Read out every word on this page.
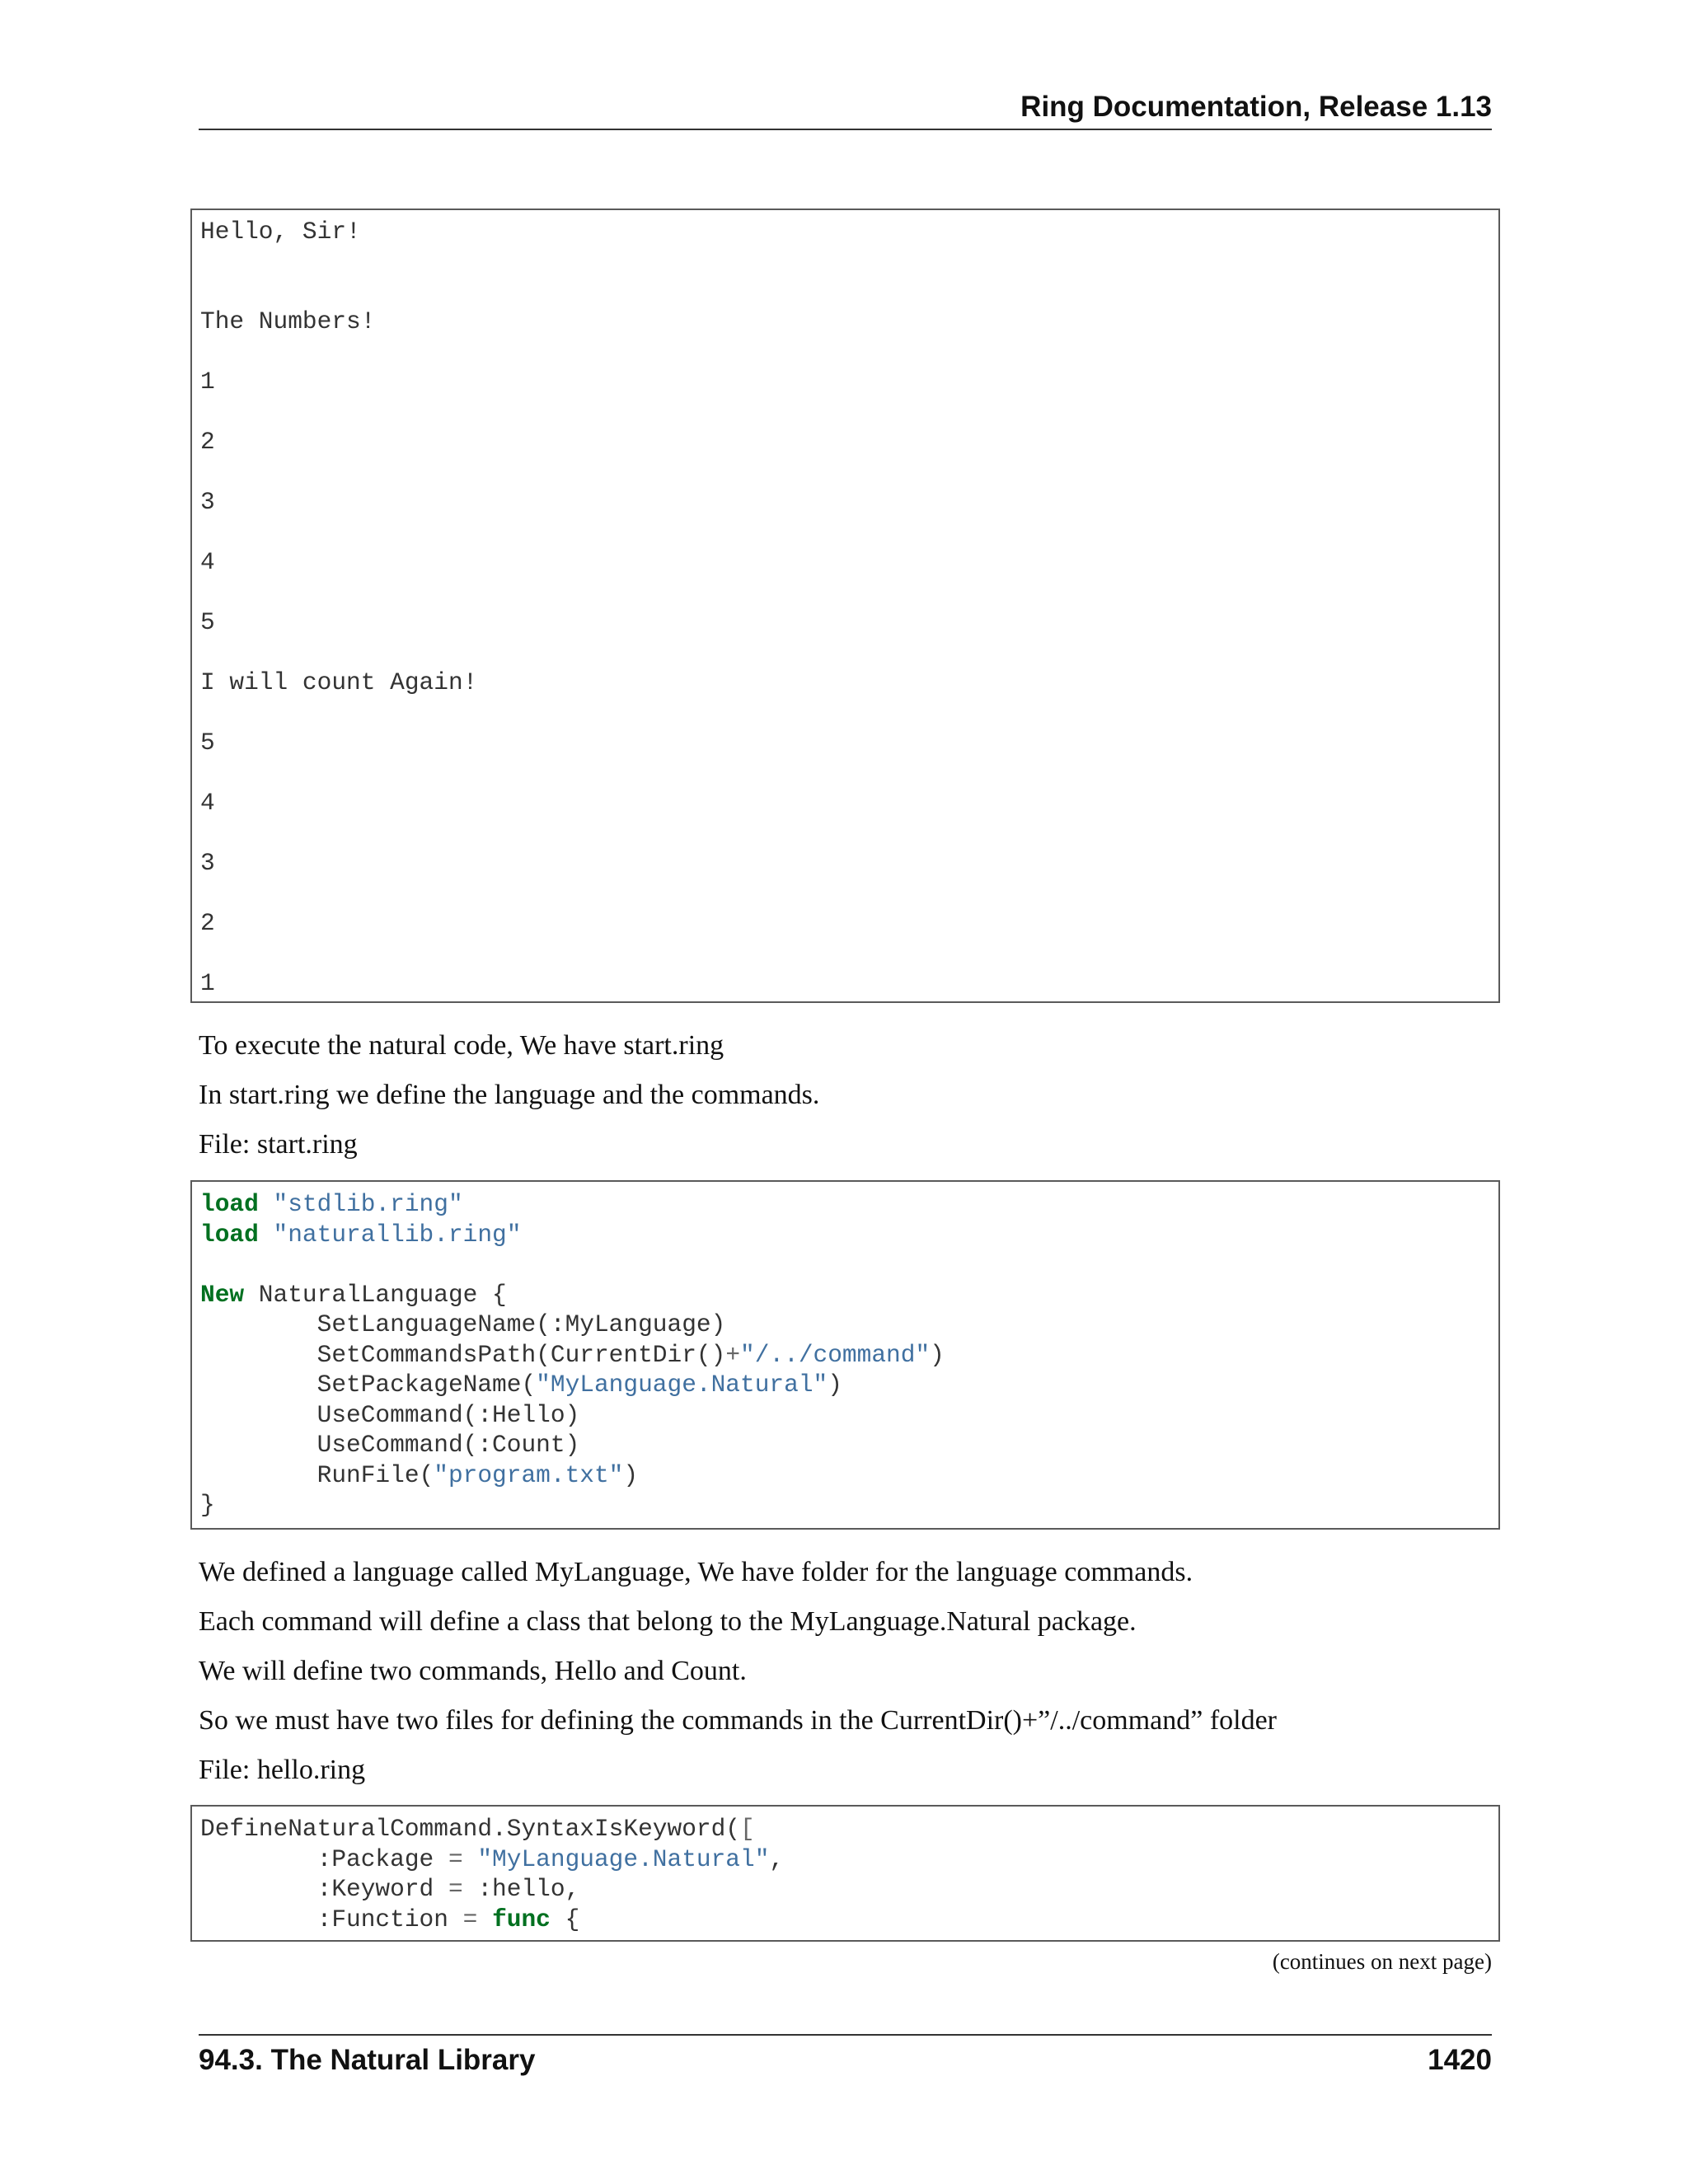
Ring Documentation, Release 1.13
Hello, Sir!
The Numbers!
1
2
3
4
5
I will count Again!
5
4
3
2
1
To execute the natural code, We have start.ring
In start.ring we define the language and the commands.
File: start.ring
load "stdlib.ring"
load "naturallib.ring"

New NaturalLanguage {
SetLanguageName(:MyLanguage)
SetCommandsPath(CurrentDir()+"/../command")
SetPackageName("MyLanguage.Natural")
UseCommand(:Hello)
UseCommand(:Count)
RunFile("program.txt")
}
We defined a language called MyLanguage, We have folder for the language commands.
Each command will define a class that belong to the MyLanguage.Natural package.
We will define two commands, Hello and Count.
So we must have two files for defining the commands in the CurrentDir()+”/../command” folder
File: hello.ring
DefineNaturalCommand.SyntaxIsKeyword([
:Package = "MyLanguage.Natural",
:Keyword = :hello,
:Function = func {
(continues on next page)
94.3. The Natural Library	1420
